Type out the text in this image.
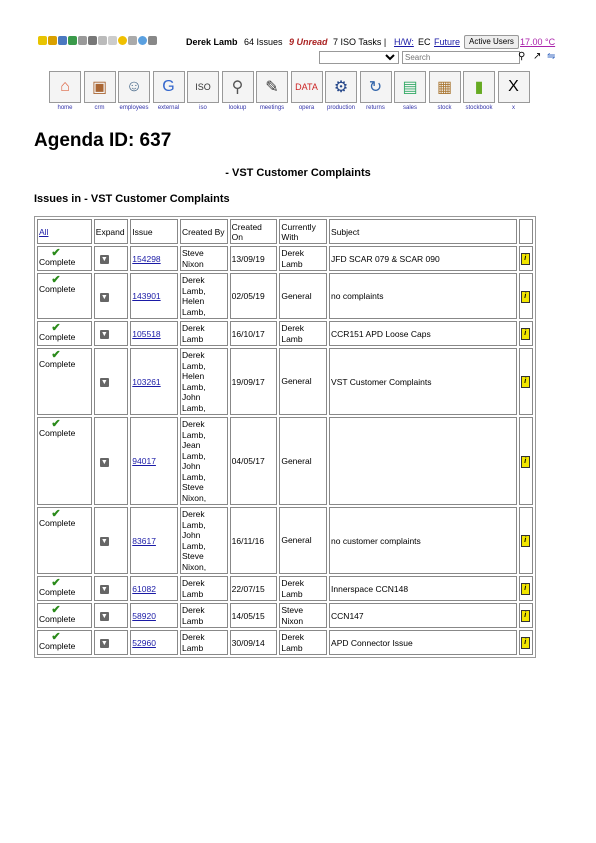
Derek Lamb 64 Issues 9 Unread 7 ISO Tasks | H/W: EC Future	Active Users 17.00 °C
Search
⚲ ↗ ⇋
⌂
home
▣
crm
☺
employees
G
external
ISO
iso
⚲
lookup
✎
meetings
DATA
opera
⚙
production
↻
returns
▤
sales
▦
stock
▮
stockbook
X
x
Agenda ID: 637
- VST Customer Complaints
Issues in - VST Customer Complaints
All	Expand	Issue	Created By	Created On	Currently With	Subject	

✔
Complete	▼	154298	Steve Nixon	13/09/19	Derek Lamb	JFD SCAR 079 & SCAR 090	i

✔
Complete	▼	143901	Derek Lamb, Helen Lamb,	02/05/19	General	no complaints	i

✔
Complete	▼	105518	Derek Lamb	16/10/17	Derek Lamb	CCR151 APD Loose Caps	i

✔
Complete	▼	103261	Derek Lamb, Helen Lamb, John Lamb,	19/09/17	General	VST Customer Complaints	i

✔
Complete	▼	94017	Derek Lamb, Jean Lamb, John Lamb, Steve Nixon,	04/05/17	General		i

✔
Complete	▼	83617	Derek Lamb, John Lamb, Steve Nixon,	16/11/16	General	no customer complaints	i

✔
Complete	▼	61082	Derek Lamb	22/07/15	Derek Lamb	Innerspace CCN148	i

✔
Complete	▼	58920	Derek Lamb	14/05/15	Steve Nixon	CCN147	i

✔
Complete	▼	52960	Derek Lamb	30/09/14	Derek Lamb	APD Connector Issue	i
